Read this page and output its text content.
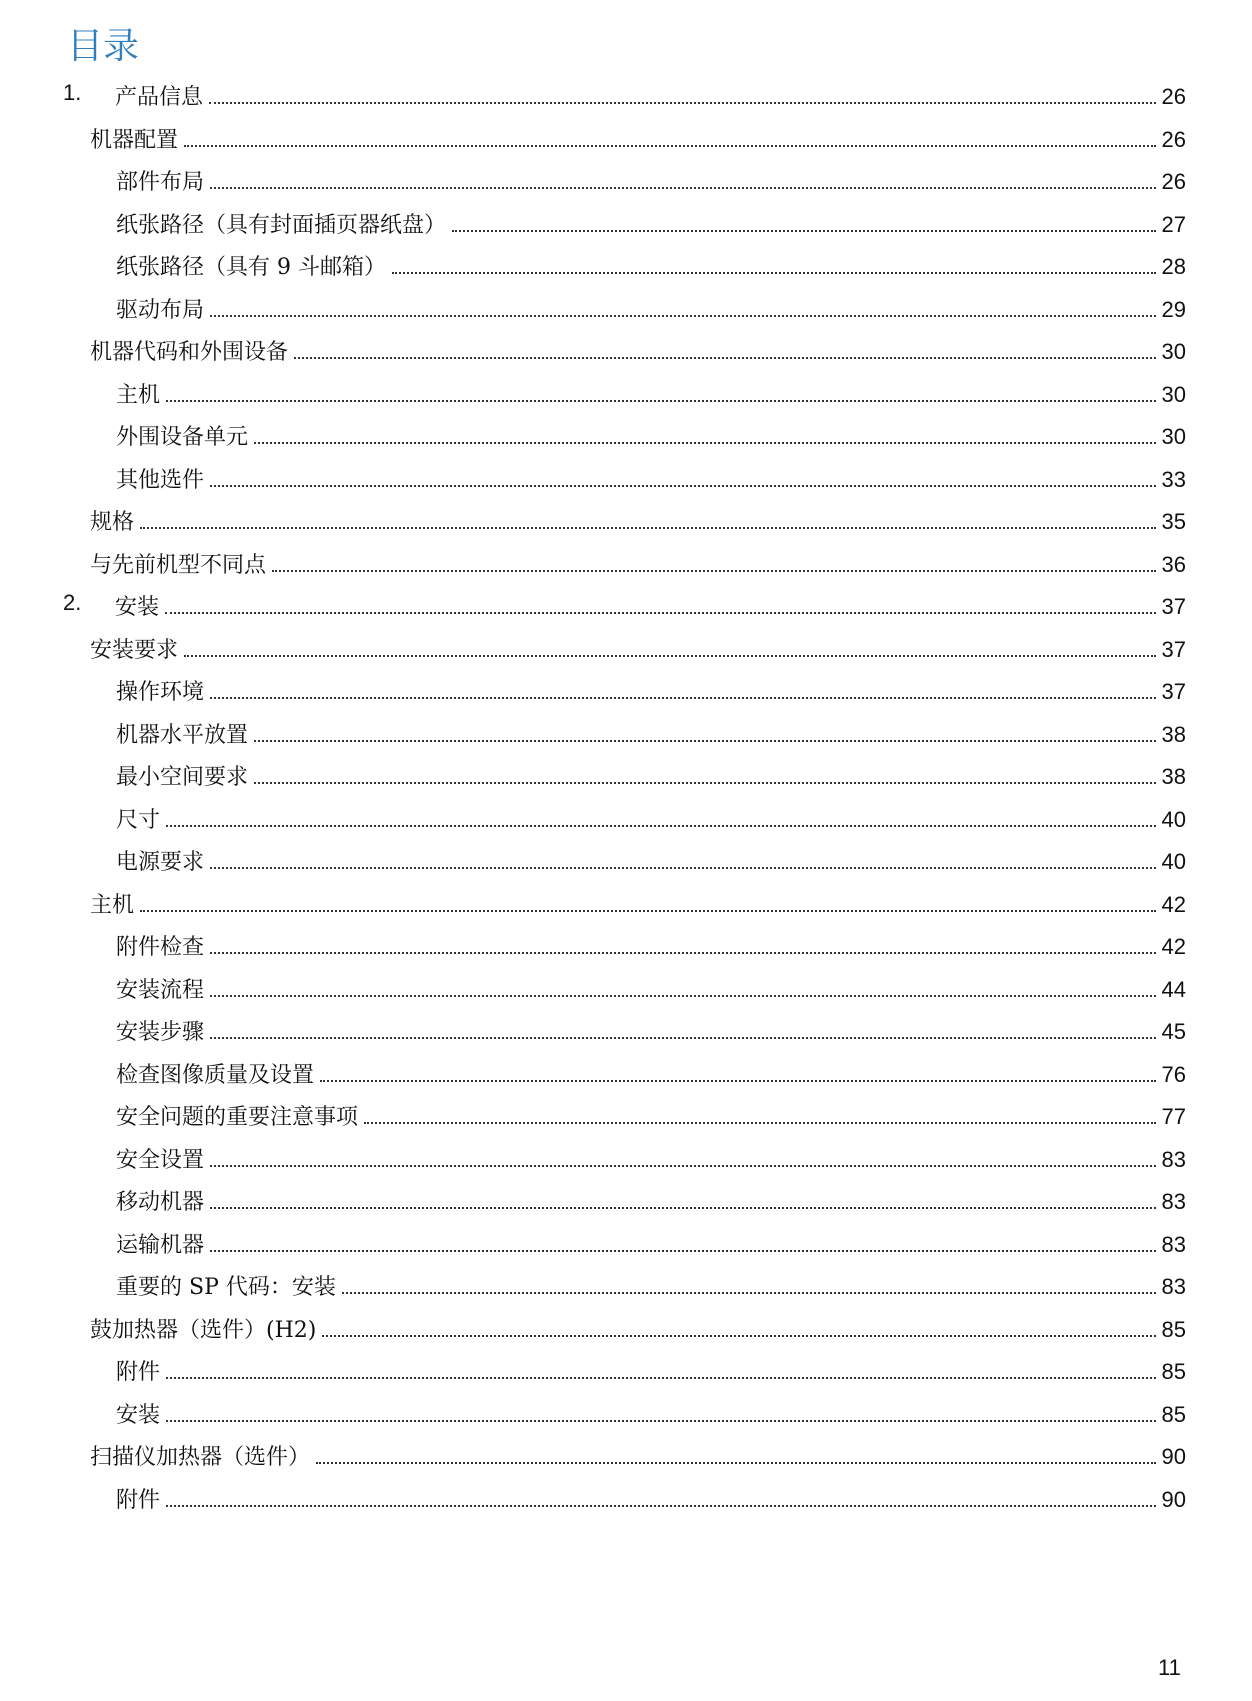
目录
1.	产品信息	26
机器配置	26
部件布局	26
纸张路径（具有封面插页器纸盘）	27
纸张路径（具有 9 斗邮箱）	28
驱动布局	29
机器代码和外围设备	30
主机	30
外围设备单元	30
其他选件	33
规格	35
与先前机型不同点	36
2.	安装	37
安装要求	37
操作环境	37
机器水平放置	38
最小空间要求	38
尺寸	40
电源要求	40
主机	42
附件检查	42
安装流程	44
安装步骤	45
检查图像质量及设置	76
安全问题的重要注意事项	77
安全设置	83
移动机器	83
运输机器	83
重要的 SP 代码：安装	83
鼓加热器（选件）(H2)	85
附件	85
安装	85
扫描仪加热器（选件）	90
附件	90
11
